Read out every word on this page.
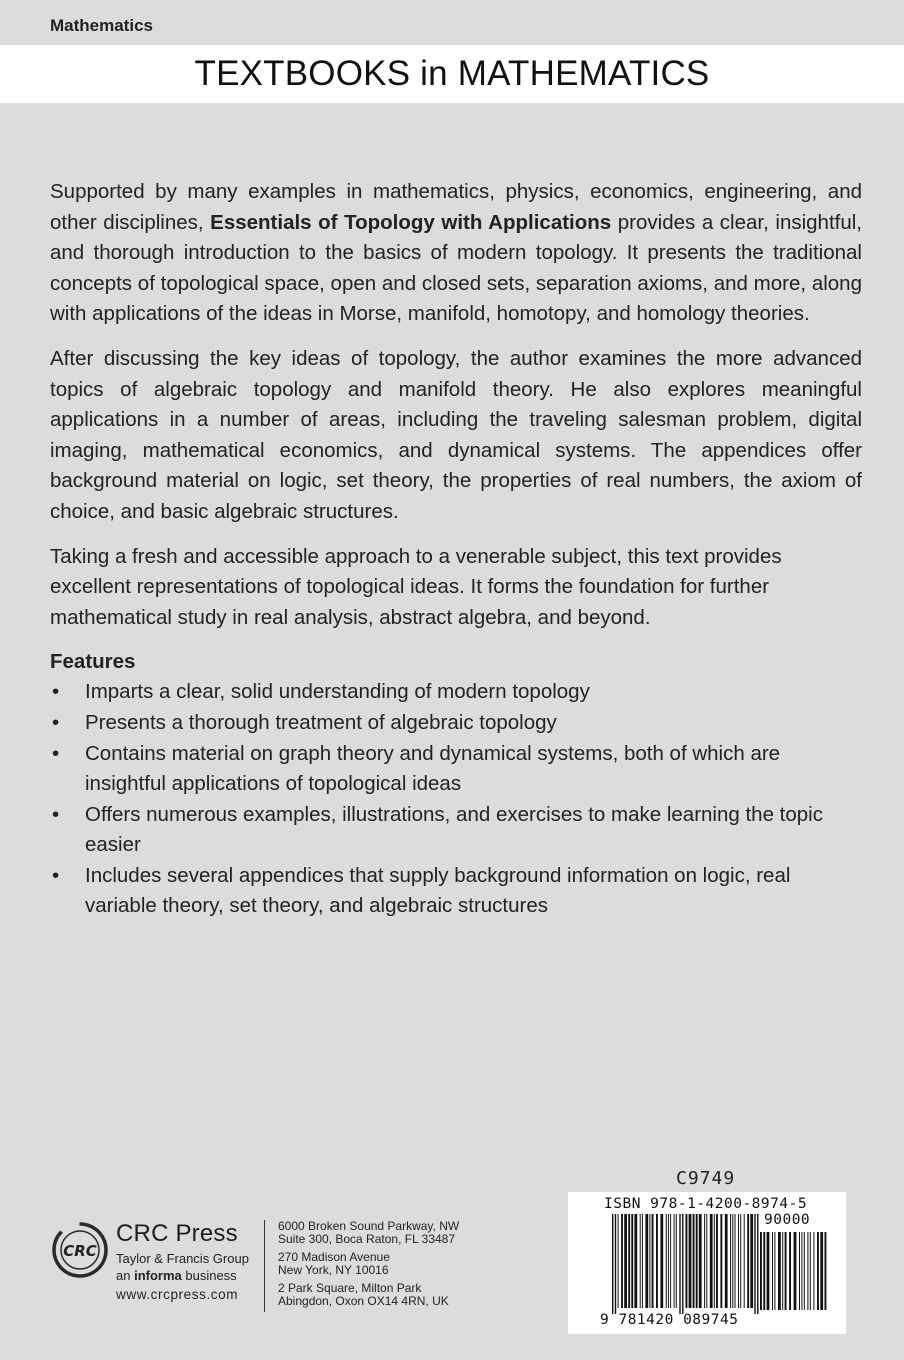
Mathematics
TEXTBOOKS in MATHEMATICS

Supported by many examples in mathematics, physics, economics, engineering, and other disciplines, Essentials of Topology with Applications provides a clear, insightful, and thorough introduction to the basics of modern topology. It presents the traditional concepts of topological space, open and closed sets, separation axioms, and more, along with applications of the ideas in Morse, manifold, homotopy, and homology theories.

After discussing the key ideas of topology, the author examines the more advanced topics of algebraic topology and manifold theory. He also explores meaningful applications in a number of areas, including the traveling salesman problem, digital imaging, mathematical economics, and dynamical systems. The appendices offer background material on logic, set theory, the properties of real numbers, the axiom of choice, and basic algebraic structures.

Taking a fresh and accessible approach to a venerable subject, this text provides excellent representations of topological ideas. It forms the foundation for further mathematical study in real analysis, abstract algebra, and beyond.

Features
• Imparts a clear, solid understanding of modern topology
• Presents a thorough treatment of algebraic topology
• Contains material on graph theory and dynamical systems, both of which are insightful applications of topological ideas
• Offers numerous examples, illustrations, and exercises to make learning the topic easier
• Includes several appendices that supply background information on logic, real variable theory, set theory, and algebraic structures
CRC
CRC Press
Taylor & Francis Group
an informa business
www.crcpress.com
6000 Broken Sound Parkway, NW
Suite 300, Boca Raton, FL 33487
270 Madison Avenue
New York, NY 10016
2 Park Square, Milton Park
Abingdon, Oxon OX14 4RN, UK
C9749
ISBN 978-1-4200-8974-5
90000
9 781420 089745
